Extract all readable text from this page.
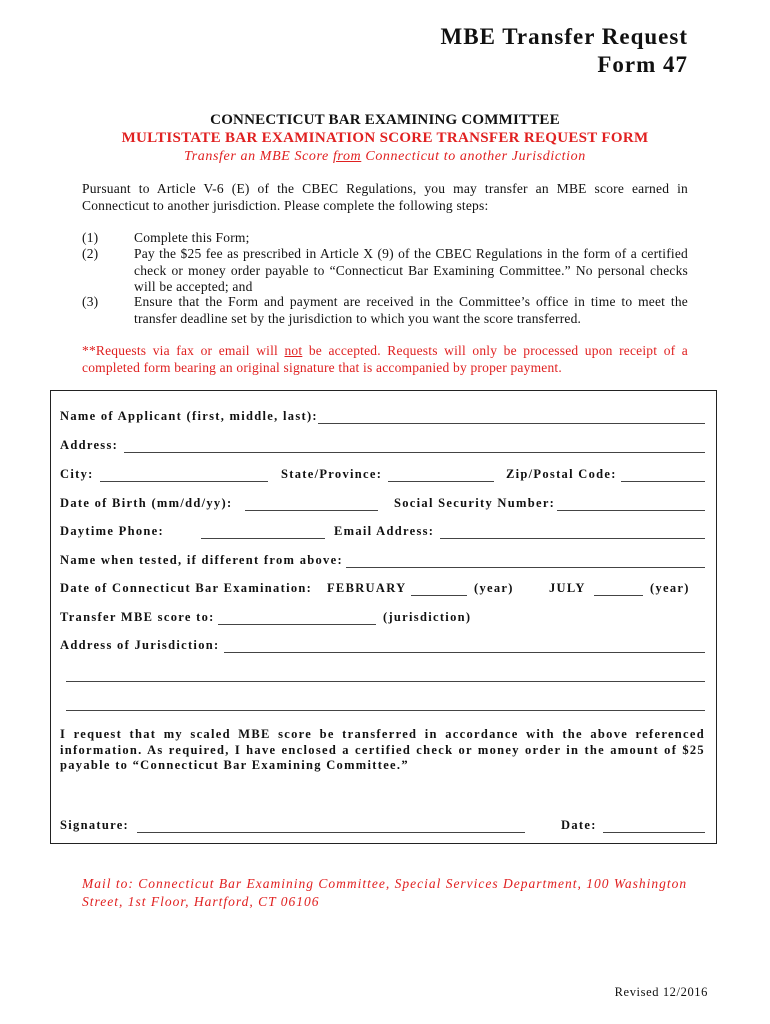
MBE Transfer Request
Form 47
CONNECTICUT BAR EXAMINING COMMITTEE
MULTISTATE BAR EXAMINATION SCORE TRANSFER REQUEST FORM
Transfer an MBE Score from Connecticut to another Jurisdiction
Pursuant to Article V-6 (E) of the CBEC Regulations, you may transfer an MBE score earned in Connecticut to another jurisdiction. Please complete the following steps:
(1)	Complete this Form;
(2)	Pay the $25 fee as prescribed in Article X (9) of the CBEC Regulations in the form of a certified check or money order payable to “Connecticut Bar Examining Committee.” No personal checks will be accepted; and
(3)	Ensure that the Form and payment are received in the Committee’s office in time to meet the transfer deadline set by the jurisdiction to which you want the score transferred.
**Requests via fax or email will not be accepted. Requests will only be processed upon receipt of a completed form bearing an original signature that is accompanied by proper payment.
Name of Applicant (first, middle, last):
Address:
City:	State/Province:	Zip/Postal Code:
Date of Birth (mm/dd/yy):	Social Security Number:
Daytime Phone:	Email Address:
Name when tested, if different from above:
Date of Connecticut Bar Examination: FEBRUARY	(year)	JULY	(year)
Transfer MBE score to:	(jurisdiction)
Address of Jurisdiction:
I request that my scaled MBE score be transferred in accordance with the above referenced information. As required, I have enclosed a certified check or money order in the amount of $25 payable to “Connecticut Bar Examining Committee.”
Signature:	Date:
Mail to: Connecticut Bar Examining Committee, Special Services Department, 100 Washington Street, 1st Floor, Hartford, CT 06106
Revised 12/2016
